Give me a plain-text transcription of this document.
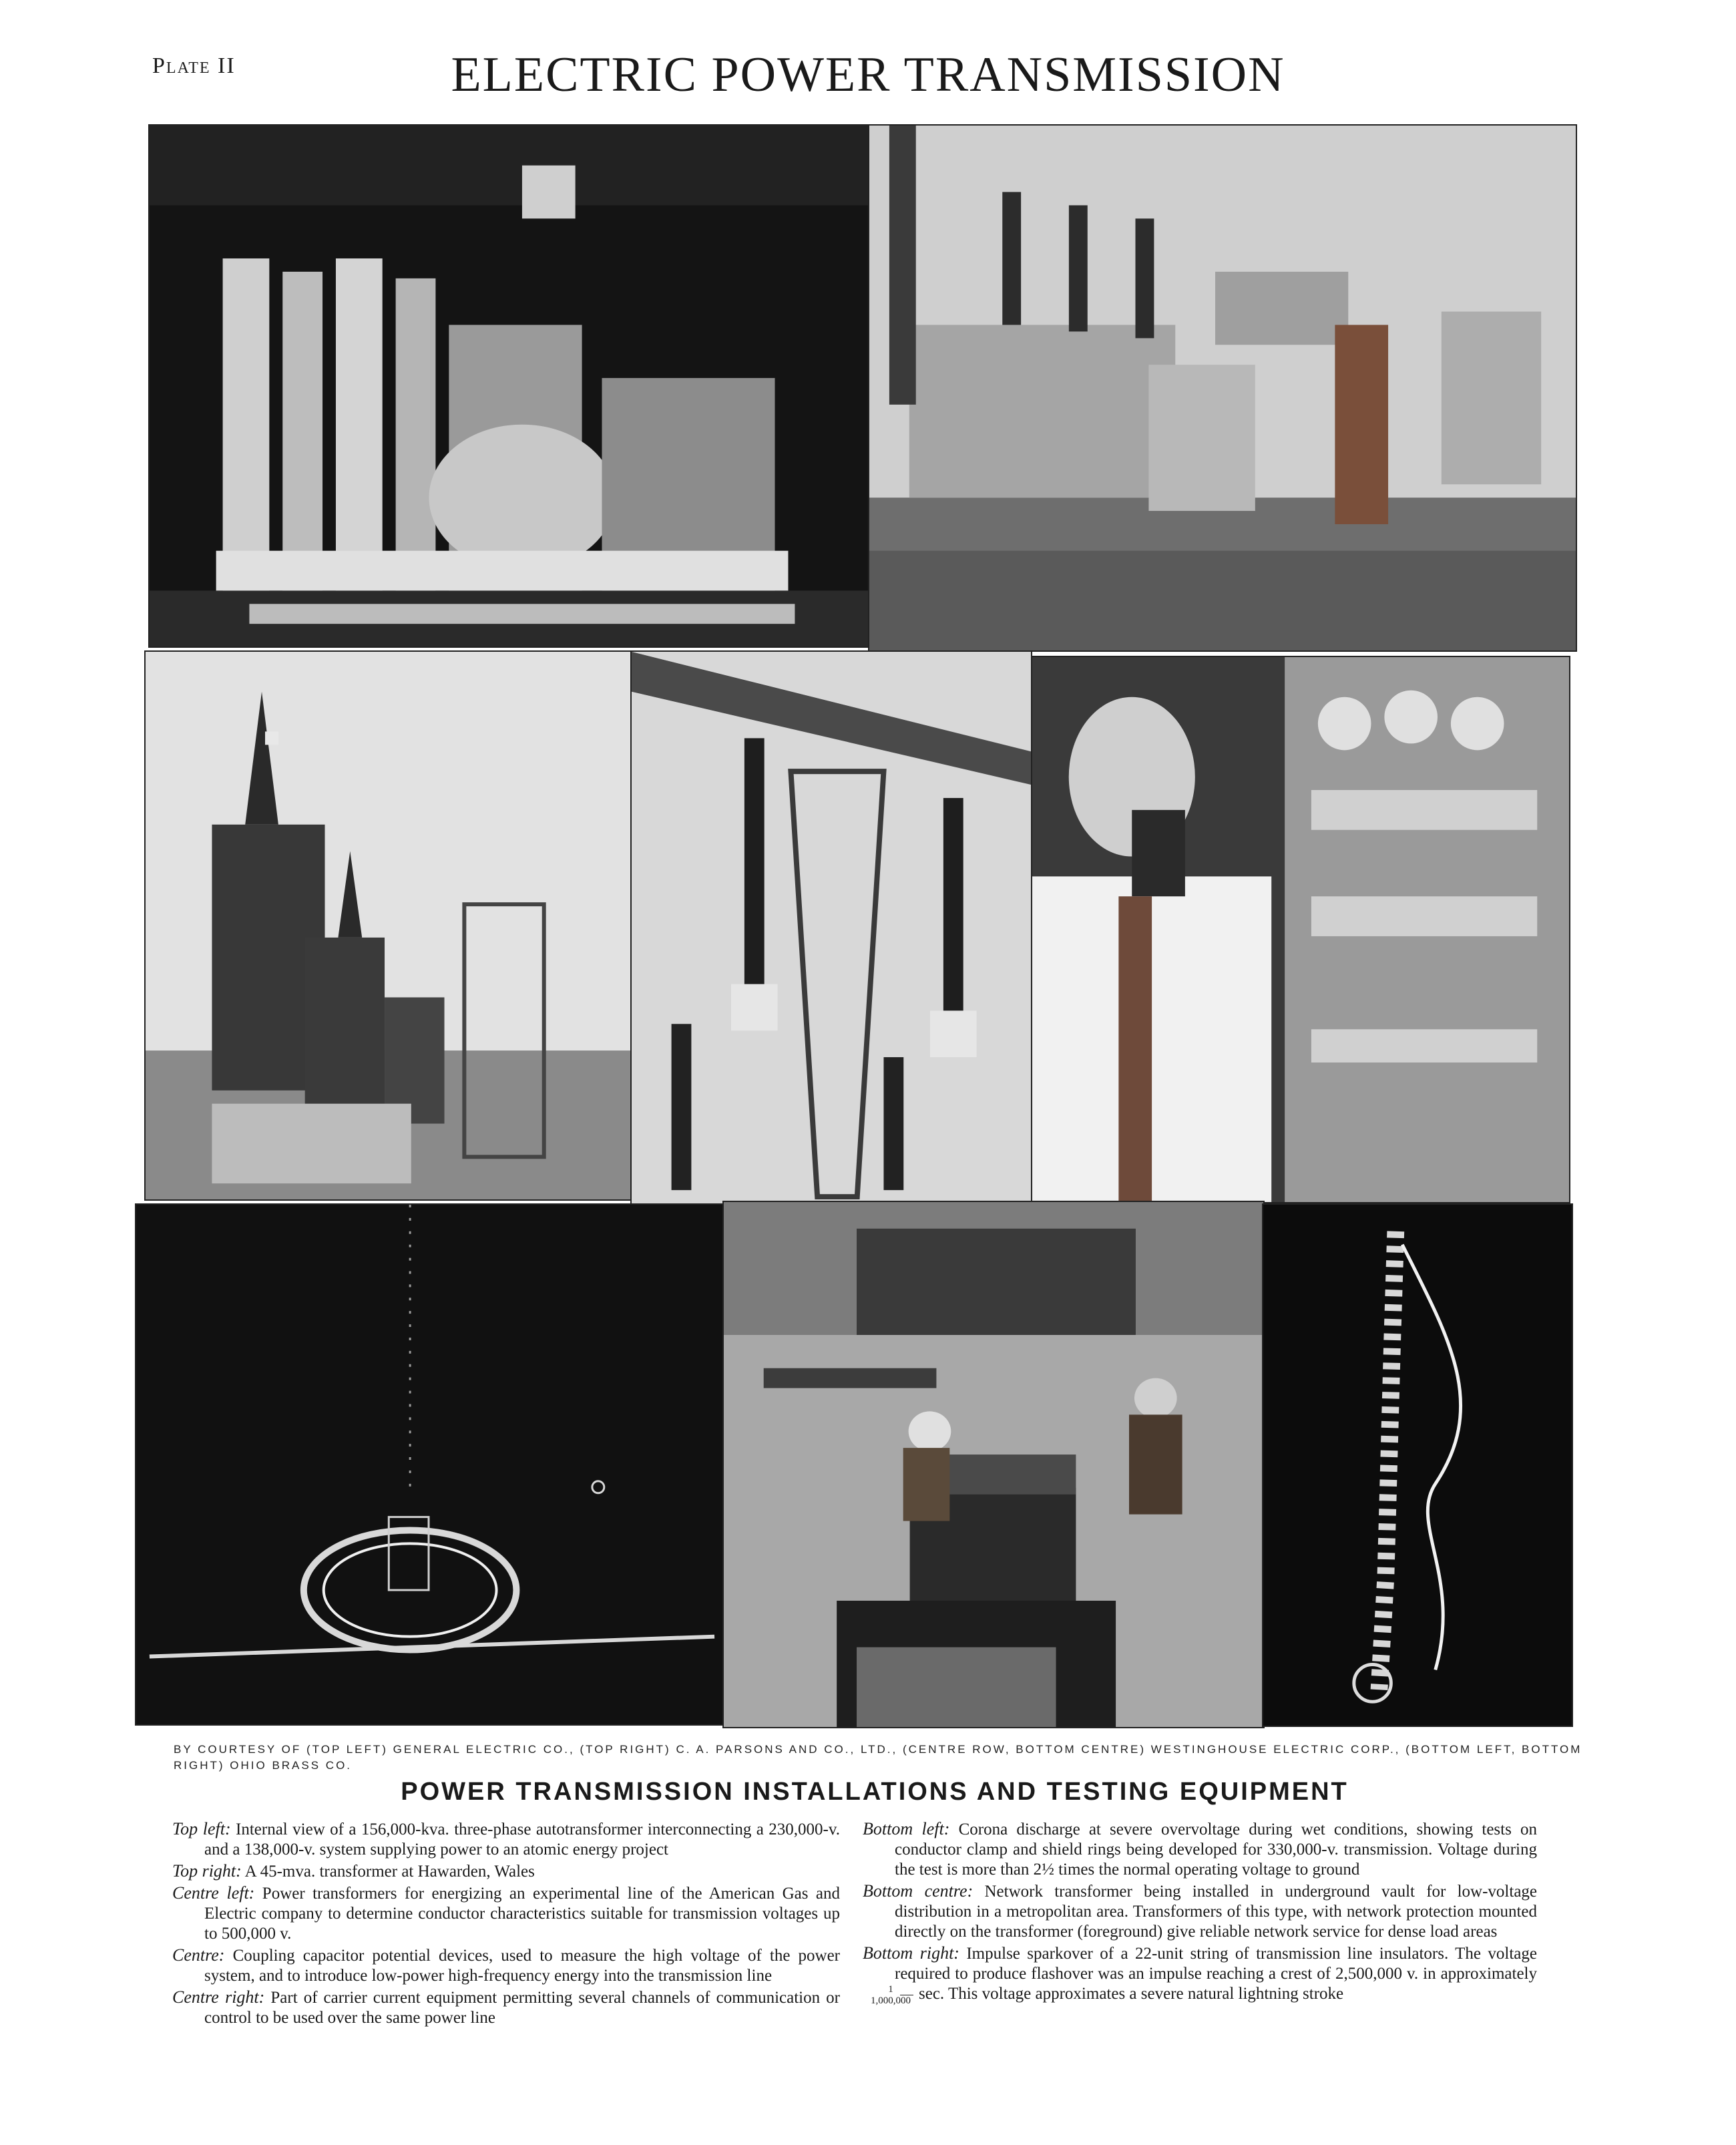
Plate II	ELECTRIC POWER TRANSMISSION
BY COURTESY OF (TOP LEFT) GENERAL ELECTRIC CO., (TOP RIGHT) C. A. PARSONS AND CO., LTD., (CENTRE ROW, BOTTOM CENTRE) WESTINGHOUSE ELECTRIC CORP., (BOTTOM LEFT, BOTTOM RIGHT) OHIO BRASS CO.
POWER TRANSMISSION INSTALLATIONS AND TESTING EQUIPMENT

Top left: Internal view of a 156,000-kva. three-phase autotransformer interconnecting a 230,000-v. and a 138,000-v. system supplying power to an atomic energy project

Top right: A 45-mva. transformer at Hawarden, Wales

Centre left: Power transformers for energizing an experimental line of the American Gas and Electric company to determine conductor characteristics suitable for transmission voltages up to 500,000 v.

Centre: Coupling capacitor potential devices, used to measure the high voltage of the power system, and to introduce low-power high-frequency energy into the transmission line

Centre right: Part of carrier current equipment permitting several channels of communication or control to be used over the same power line

Bottom left: Corona discharge at severe overvoltage during wet conditions, showing tests on conductor clamp and shield rings being developed for 330,000-v. transmission. Voltage during the test is more than 2½ times the normal operating voltage to ground

Bottom centre: Network transformer being installed in underground vault for low-voltage distribution in a metropolitan area. Transformers of this type, with network protection mounted directly on the transformer (foreground) give reliable network service for dense load areas

Bottom right: Impulse sparkover of a 22-unit string of transmission line insulators. The voltage required to produce flashover was an impulse reaching a crest of 2,500,000 v. in approximately
$\frac{1}{1,000,000} \sec$. This voltage approximates a severe natural lightning stroke
